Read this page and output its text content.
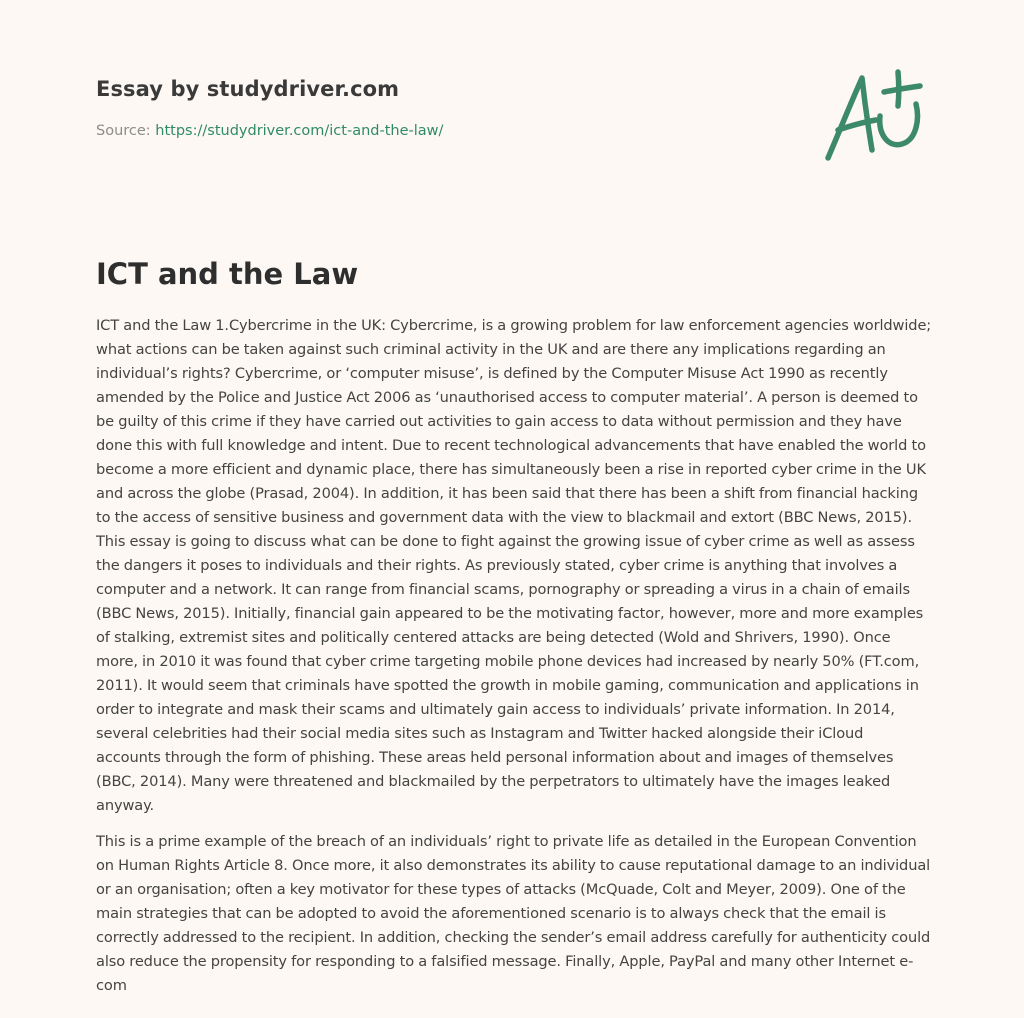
Essay by studydriver.com
Source: https://studydriver.com/ict-and-the-law/
ICT and the Law

ICT and the Law 1.Cybercrime in the UK: Cybercrime, is a growing problem for law enforcement agencies worldwide; what actions can be taken against such criminal activity in the UK and are there any implications regarding an individual’s rights? Cybercrime, or ‘computer misuse’, is defined by the Computer Misuse Act 1990 as recently amended by the Police and Justice Act 2006 as ‘unauthorised access to computer material’. A person is deemed to be guilty of this crime if they have carried out activities to gain access to data without permission and they have done this with full knowledge and intent. Due to recent technological advancements that have enabled the world to become a more efficient and dynamic place, there has simultaneously been a rise in reported cyber crime in the UK and across the globe (Prasad, 2004). In addition, it has been said that there has been a shift from financial hacking to the access of sensitive business and government data with the view to blackmail and extort (BBC News, 2015). This essay is going to discuss what can be done to fight against the growing issue of cyber crime as well as assess the dangers it poses to individuals and their rights. As previously stated, cyber crime is anything that involves a computer and a network. It can range from financial scams, pornography or spreading a virus in a chain of emails (BBC News, 2015). Initially, financial gain appeared to be the motivating factor, however, more and more examples of stalking, extremist sites and politically centered attacks are being detected (Wold and Shrivers, 1990). Once more, in 2010 it was found that cyber crime targeting mobile phone devices had increased by nearly 50% (FT.com, 2011). It would seem that criminals have spotted the growth in mobile gaming, communication and applications in order to integrate and mask their scams and ultimately gain access to individuals’ private information. In 2014, several celebrities had their social media sites such as Instagram and Twitter hacked alongside their iCloud accounts through the form of phishing. These areas held personal information about and images of themselves (BBC, 2014). Many were threatened and blackmailed by the perpetrators to ultimately have the images leaked anyway.

This is a prime example of the breach of an individuals’ right to private life as detailed in the European Convention on Human Rights Article 8. Once more, it also demonstrates its ability to cause reputational damage to an individual or an organisation; often a key motivator for these types of attacks (McQuade, Colt and Meyer, 2009). One of the main strategies that can be adopted to avoid the aforementioned scenario is to always check that the email is correctly addressed to the recipient. In addition, checking the sender’s email address carefully for authenticity could also reduce the propensity for responding to a falsified message. Finally, Apple, PayPal and many other Internet e-com
